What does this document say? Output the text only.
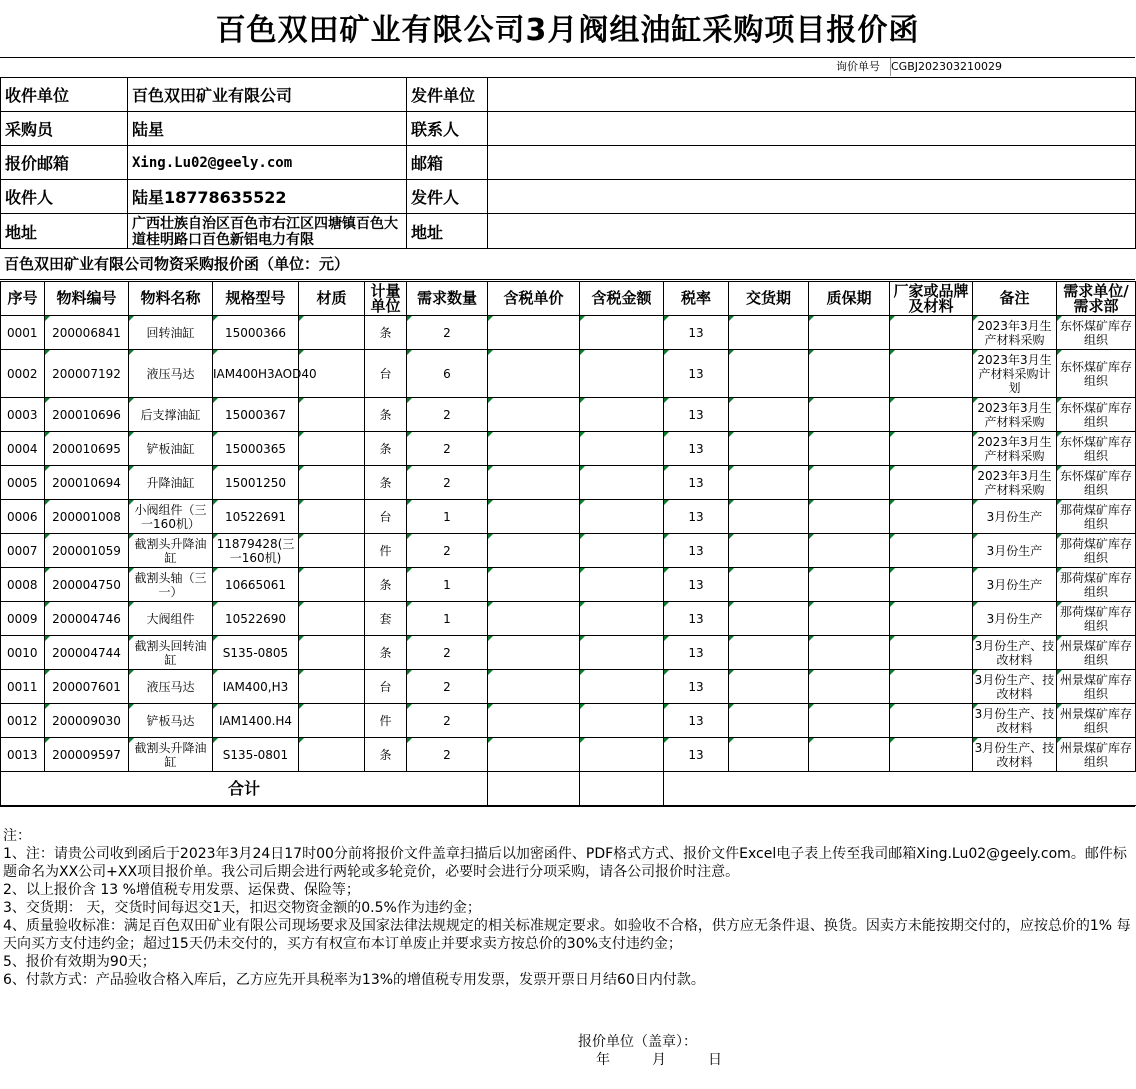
百色双田矿业有限公司3月阀组油缸采购项目报价函
询价单号	CGBJ202303210029
收件单位	百色双田矿业有限公司	发件单位	
采购员	陆星	联系人	
报价邮箱	Xing.Lu02@geely.com	邮箱	
收件人	陆星18778635522	发件人	
地址	广西壮族自治区百色市右江区四塘镇百色大道桂明路口百色新铝电力有限	地址	
百色双田矿业有限公司物资采购报价函（单位：元）
序号	物料编号	物料名称	规格型号	材质	计量单位	需求数量	含税单价	含税金额	税率	交货期	质保期	厂家或品牌及材料	备注	需求单位/需求部
0001	200006841	回转油缸	15000366		条	2			13				2023年3月生产材料采购	东怀煤矿库存组织
0002	200007192	液压马达	IAM400H3AOD40		台	6			13				2023年3月生产材料采购计划	东怀煤矿库存组织
0003	200010696	后支撑油缸	15000367		条	2			13				2023年3月生产材料采购	东怀煤矿库存组织
0004	200010695	铲板油缸	15000365		条	2			13				2023年3月生产材料采购	东怀煤矿库存组织
0005	200010694	升降油缸	15001250		条	2			13				2023年3月生产材料采购	东怀煤矿库存组织
0006	200001008	小阀组件（三一160机）	10522691		台	1			13				3月份生产	那荷煤矿库存组织
0007	200001059	截割头升降油缸	11879428(三一160机)		件	2			13				3月份生产	那荷煤矿库存组织
0008	200004750	截割头轴（三一）	10665061		条	1			13				3月份生产	那荷煤矿库存组织
0009	200004746	大阀组件	10522690		套	1			13				3月份生产	那荷煤矿库存组织
0010	200004744	截割头回转油缸	S135-0805		条	2			13				3月份生产、技改材料	州景煤矿库存组织
0011	200007601	液压马达	IAM400,H3		台	2			13				3月份生产、技改材料	州景煤矿库存组织
0012	200009030	铲板马达	IAM1400.H4		件	2			13				3月份生产、技改材料	州景煤矿库存组织
0013	200009597	截割头升降油缸	S135-0801		条	2			13				3月份生产、技改材料	州景煤矿库存组织
合计														

注：

1、注：请贵公司收到函后于2023年3月24日17时00分前将报价文件盖章扫描后以加密函件、PDF格式方式、报价文件Excel电子表上传至我司邮箱Xing.Lu02@geely.com。邮件标题命名为XX公司+XX项目报价单。我公司后期会进行两轮或多轮竞价，必要时会进行分项采购，请各公司报价时注意。

2、以上报价含 13 %增值税专用发票、运保费、保险等；

3、交货期： 天，交货时间每迟交1天，扣迟交物资金额的0.5%作为违约金；

4、质量验收标准：满足百色双田矿业有限公司现场要求及国家法律法规规定的相关标准规定要求。如验收不合格，供方应无条件退、换货。因卖方未能按期交付的，应按总价的1% 每天向买方支付违约金；超过15天仍未交付的，买方有权宣布本订单废止并要求卖方按总价的30%支付违约金；

5、报价有效期为90天；

6、付款方式：产品验收合格入库后，乙方应先开具税率为13%的增值税专用发票，发票开票日月结60日内付款。

报价单位（盖章）：
年　　　月　　　日
